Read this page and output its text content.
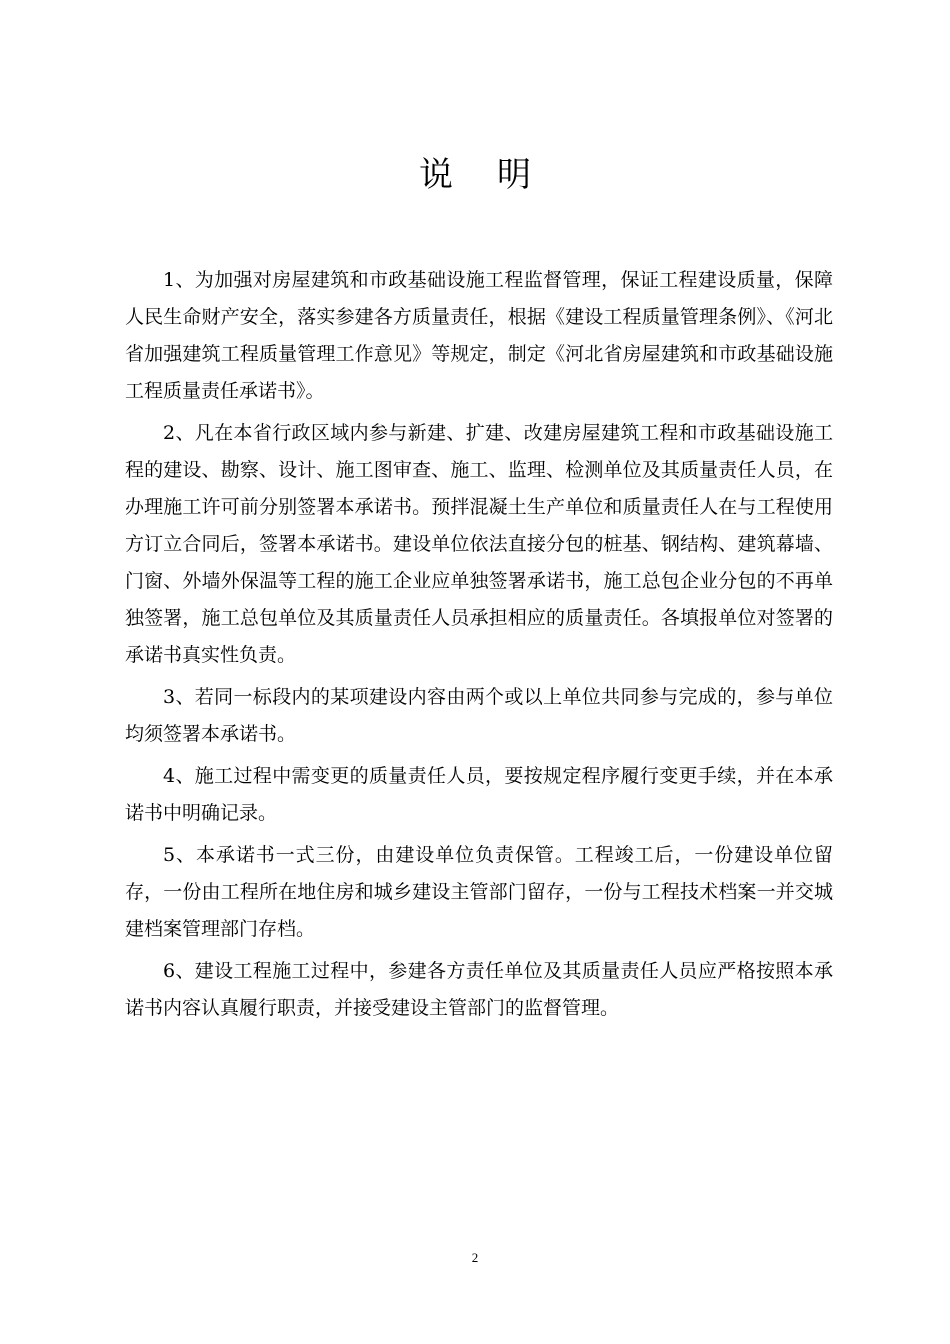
说明

1、为加强对房屋建筑和市政基础设施工程监督管理，保证工程建设质量，保障人民生命财产安全，落实参建各方质量责任，根据《建设工程质量管理条例》、《河北省加强建筑工程质量管理工作意见》等规定，制定《河北省房屋建筑和市政基础设施工程质量责任承诺书》。

2、凡在本省行政区域内参与新建、扩建、改建房屋建筑工程和市政基础设施工程的建设、勘察、设计、施工图审查、施工、监理、检测单位及其质量责任人员，在办理施工许可前分别签署本承诺书。预拌混凝土生产单位和质量责任人在与工程使用方订立合同后，签署本承诺书。建设单位依法直接分包的桩基、钢结构、建筑幕墙、门窗、外墙外保温等工程的施工企业应单独签署承诺书，施工总包企业分包的不再单独签署，施工总包单位及其质量责任人员承担相应的质量责任。各填报单位对签署的承诺书真实性负责。

3、若同一标段内的某项建设内容由两个或以上单位共同参与完成的，参与单位均须签署本承诺书。

4、施工过程中需变更的质量责任人员，要按规定程序履行变更手续，并在本承诺书中明确记录。

5、本承诺书一式三份，由建设单位负责保管。工程竣工后，一份建设单位留存，一份由工程所在地住房和城乡建设主管部门留存，一份与工程技术档案一并交城建档案管理部门存档。

6、建设工程施工过程中，参建各方责任单位及其质量责任人员应严格按照本承诺书内容认真履行职责，并接受建设主管部门的监督管理。

2
